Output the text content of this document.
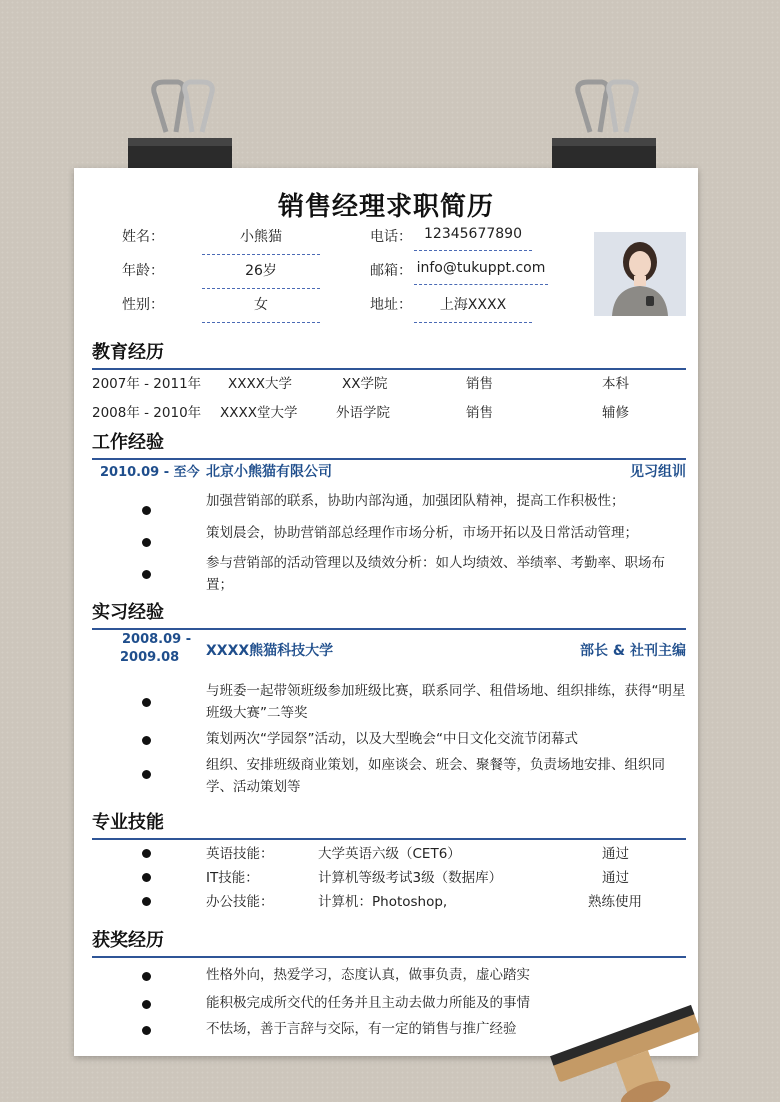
销售经理求职简历
姓名：	小熊猫	电话： 12345677890
年龄：	26岁	邮箱： info@tukuppt.com
性别：	女	地址：	上海XXXX
教育经历
2007年 - 2011年 XXXX大学	XX学院	销售	本科
2008年 - 2010年 XXXX堂大学	外语学院	销售	辅修
工作经验
2010.09 - 至今 北京小熊猫有限公司	见习组训
加强营销部的联系，协助内部沟通，加强团队精神，提高工作积极性；
策划晨会，协助营销部总经理作市场分析，市场开拓以及日常活动管理；
参与营销部的活动管理以及绩效分析：如人均绩效、举绩率、考勤率、职场布置；
实习经验
2008.09 -
2009.08 XXXX熊猫科技大学	部长 & 社刊主编
与班委一起带领班级参加班级比赛，联系同学、租借场地、组织排练，获得“明星班级大赛”二等奖
策划两次“学园祭”活动，以及大型晚会“中日文化交流节闭幕式
组织、安排班级商业策划，如座谈会、班会、聚餐等，负责场地安排、组织同学、活动策划等
专业技能
英语技能：	大学英语六级（CET6）	通过
IT技能：	计算机等级考试3级（数据库）	通过
办公技能：	计算机：Photoshop,	熟练使用
获奖经历
性格外向，热爱学习，态度认真，做事负责，虚心踏实
能积极完成所交代的任务并且主动去做力所能及的事情
不怯场，善于言辞与交际，有一定的销售与推广经验
